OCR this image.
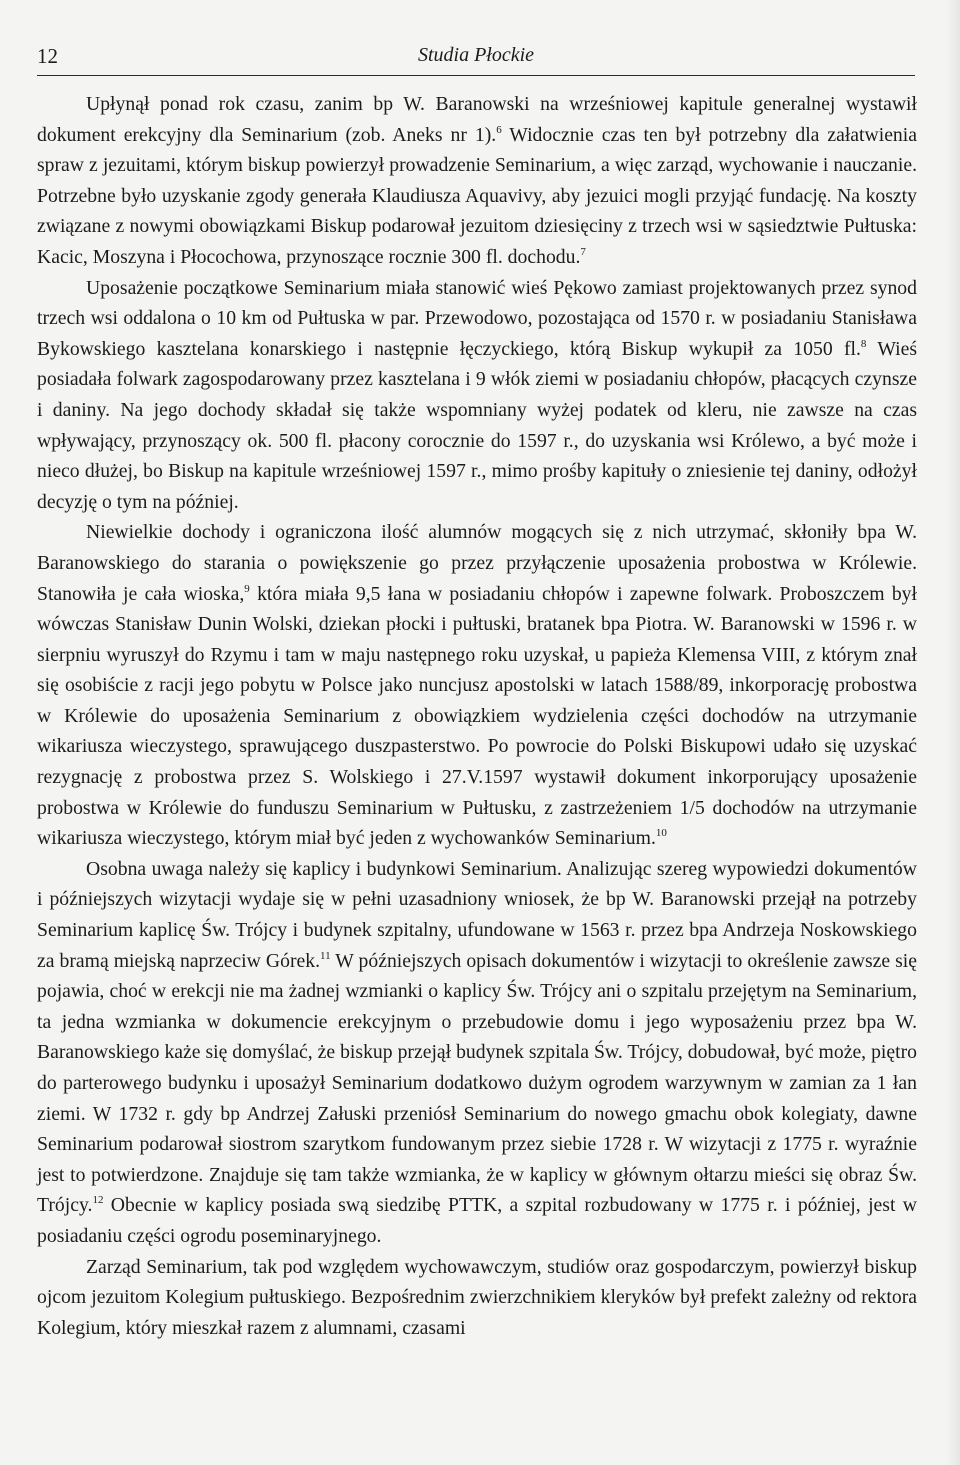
12	Studia Płockie

Upłynął ponad rok czasu, zanim bp W. Baranowski na wrześniowej kapitule generalnej wystawił dokument erekcyjny dla Seminarium (zob. Aneks nr 1).$^6$ Widocznie czas ten był potrzebny dla załatwienia spraw z jezuitami, którym biskup powierzył prowadzenie Seminarium, a więc zarząd, wychowanie i nauczanie. Potrzebne było uzyskanie zgody generała Klaudiusza Aquavivy, aby jezuici mogli przyjąć fundację. Na koszty związane z nowymi obowiązkami Biskup podarował jezuitom dziesięciny z trzech wsi w sąsiedztwie Pułtuska: Kacic, Moszyna i Płocochowa, przynoszące rocznie 300 fl. dochodu.$^7$

Uposażenie początkowe Seminarium miała stanowić wieś Pękowo zamiast projektowanych przez synod trzech wsi oddalona o 10 km od Pułtuska w par. Przewodowo, pozostająca od 1570 r. w posiadaniu Stanisława Bykowskiego kasztelana konarskiego i następnie łęczyckiego, którą Biskup wykupił za 1050 fl.$^8$ Wieś posiadała folwark zagospodarowany przez kasztelana i 9 włók ziemi w posiadaniu chłopów, płacących czynsze i daniny. Na jego dochody składał się także wspomniany wyżej podatek od kleru, nie zawsze na czas wpływający, przynoszący ok. 500 fl. płacony corocznie do 1597 r., do uzyskania wsi Królewo, a być może i nieco dłużej, bo Biskup na kapitule wrześniowej 1597 r., mimo prośby kapituły o zniesienie tej daniny, odłożył decyzję o tym na później.

Niewielkie dochody i ograniczona ilość alumnów mogących się z nich utrzymać, skłoniły bpa W. Baranowskiego do starania o powiększenie go przez przyłączenie uposażenia probostwa w Królewie. Stanowiła je cała wioska,$^9$ która miała 9,5 łana w posiadaniu chłopów i zapewne folwark. Proboszczem był wówczas Stanisław Dunin Wolski, dziekan płocki i pułtuski, bratanek bpa Piotra. W. Baranowski w 1596 r. w sierpniu wyruszył do Rzymu i tam w maju następnego roku uzyskał, u papieża Klemensa VIII, z którym znał się osobiście z racji jego pobytu w Polsce jako nuncjusz apostolski w latach 1588/89, inkorporację probostwa w Królewie do uposażenia Seminarium z obowiązkiem wydzielenia części dochodów na utrzymanie wikariusza wieczystego, sprawującego duszpasterstwo. Po powrocie do Polski Biskupowi udało się uzyskać rezygnację z probostwa przez S. Wolskiego i 27.V.1597 wystawił dokument inkorporujący uposażenie probostwa w Królewie do funduszu Seminarium w Pułtusku, z zastrzeżeniem 1/5 dochodów na utrzymanie wikariusza wieczystego, którym miał być jeden z wychowanków Seminarium.$^{10}$

Osobna uwaga należy się kaplicy i budynkowi Seminarium. Analizując szereg wypowiedzi dokumentów i późniejszych wizytacji wydaje się w pełni uzasadniony wniosek, że bp W. Baranowski przejął na potrzeby Seminarium kaplicę Św. Trójcy i budynek szpitalny, ufundowane w 1563 r. przez bpa Andrzeja Noskowskiego za bramą miejską naprzeciw Górek.$^{11}$ W późniejszych opisach dokumentów i wizytacji to określenie zawsze się pojawia, choć w erekcji nie ma żadnej wzmianki o kaplicy Św. Trójcy ani o szpitalu przejętym na Seminarium, ta jedna wzmianka w dokumencie erekcyjnym o przebudowie domu i jego wyposażeniu przez bpa W. Baranowskiego każe się domyślać, że biskup przejął budynek szpitala Św. Trójcy, dobudował, być może, piętro do parterowego budynku i uposażył Seminarium dodatkowo dużym ogrodem warzywnym w zamian za 1 łan ziemi. W 1732 r. gdy bp Andrzej Załuski przeniósł Seminarium do nowego gmachu obok kolegiaty, dawne Seminarium podarował siostrom szarytkom fundowanym przez siebie 1728 r. W wizytacji z 1775 r. wyraźnie jest to potwierdzone. Znajduje się tam także wzmianka, że w kaplicy w głównym ołtarzu mieści się obraz Św. Trójcy.$^{12}$ Obecnie w kaplicy posiada swą siedzibę PTTK, a szpital rozbudowany w 1775 r. i później, jest w posiadaniu części ogrodu poseminaryjnego.

Zarząd Seminarium, tak pod względem wychowawczym, studiów oraz gospodarczym, powierzył biskup ojcom jezuitom Kolegium pułtuskiego. Bezpośrednim zwierzchnikiem kleryków był prefekt zależny od rektora Kolegium, który mieszkał razem z alumnami, czasami
